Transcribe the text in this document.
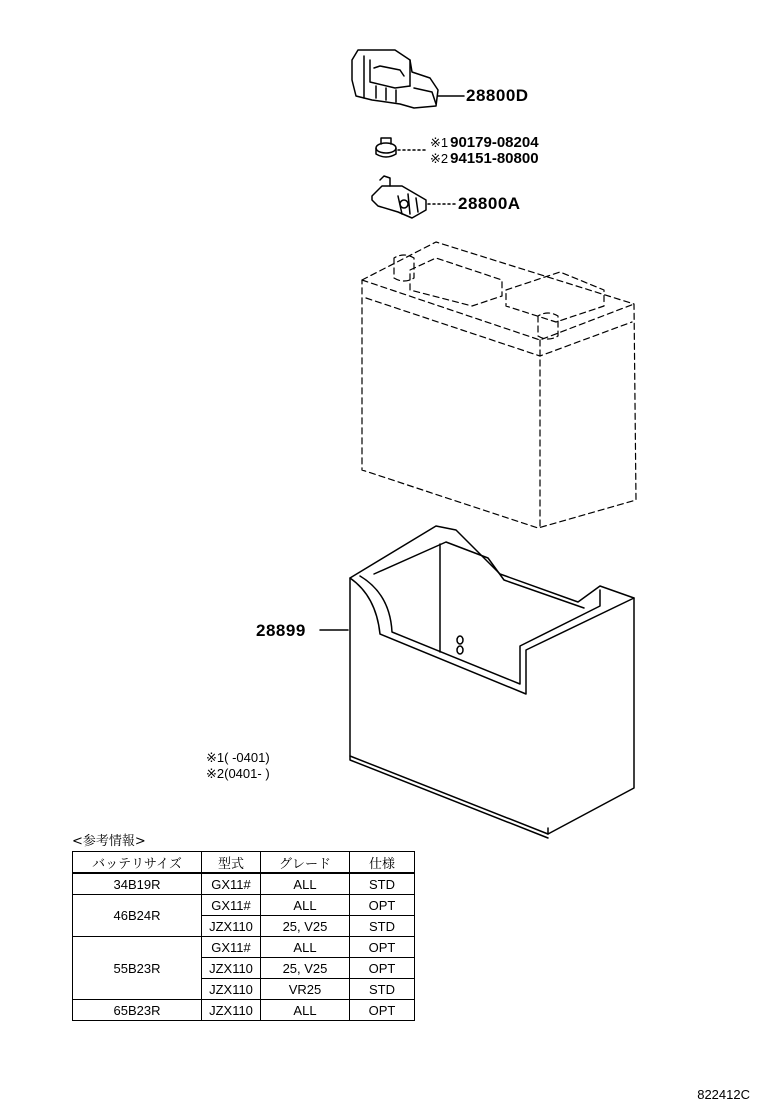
28800D
※1 90179-08204
※2 94151-80800
28800A
28899
※1( -0401)
※2(0401- )
<参考情報>
バッテリサイズ	型式	グレード	仕様
34B19R	GX11#	ALL	STD
46B24R	GX11#	ALL	OPT
	JZX110	25, V25	STD
55B23R	GX11#	ALL	OPT
	JZX110	25, V25	OPT
	JZX110	VR25	STD
65B23R	JZX110	ALL	OPT
822412C
